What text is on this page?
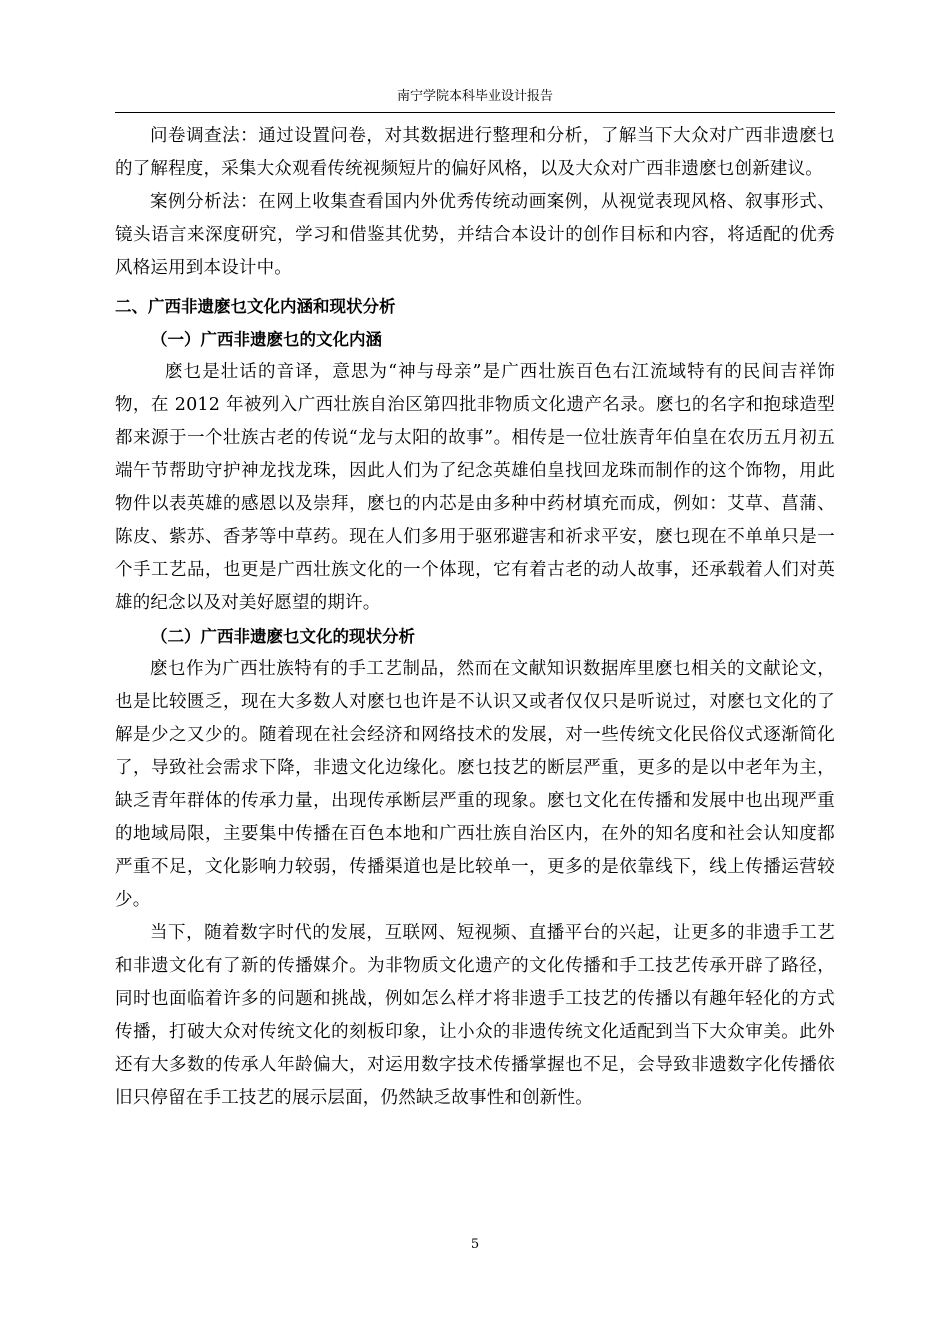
南宁学院本科毕业设计报告

问卷调查法：通过设置问卷，对其数据进行整理和分析，了解当下大众对广西非遗麽乜的了解程度，采集大众观看传统视频短片的偏好风格，以及大众对广西非遗麽乜创新建议。

案例分析法：在网上收集查看国内外优秀传统动画案例，从视觉表现风格、叙事形式、镜头语言来深度研究，学习和借鉴其优势，并结合本设计的创作目标和内容，将适配的优秀风格运用到本设计中。

二、广西非遗麽乜文化内涵和现状分析
（一）广西非遗麽乜的文化内涵

麽乜是壮话的音译，意思为“神与母亲”是广西壮族百色右江流域特有的民间吉祥饰物，在 2012 年被列入广西壮族自治区第四批非物质文化遗产名录。麽乜的名字和抱球造型都来源于一个壮族古老的传说“龙与太阳的故事”。相传是一位壮族青年伯皇在农历五月初五端午节帮助守护神龙找龙珠，因此人们为了纪念英雄伯皇找回龙珠而制作的这个饰物，用此物件以表英雄的感恩以及崇拜，麽乜的内芯是由多种中药材填充而成，例如：艾草、菖蒲、陈皮、紫苏、香茅等中草药。现在人们多用于驱邪避害和祈求平安，麽乜现在不单单只是一个手工艺品，也更是广西壮族文化的一个体现，它有着古老的动人故事，还承载着人们对英雄的纪念以及对美好愿望的期许。

（二）广西非遗麽乜文化的现状分析

麽乜作为广西壮族特有的手工艺制品，然而在文献知识数据库里麽乜相关的文献论文，也是比较匮乏，现在大多数人对麽乜也许是不认识又或者仅仅只是听说过，对麽乜文化的了解是少之又少的。随着现在社会经济和网络技术的发展，对一些传统文化民俗仪式逐渐简化了，导致社会需求下降，非遗文化边缘化。麽乜技艺的断层严重，更多的是以中老年为主，缺乏青年群体的传承力量，出现传承断层严重的现象。麽乜文化在传播和发展中也出现严重的地域局限，主要集中传播在百色本地和广西壮族自治区内，在外的知名度和社会认知度都严重不足，文化影响力较弱，传播渠道也是比较单一，更多的是依靠线下，线上传播运营较少。

当下，随着数字时代的发展，互联网、短视频、直播平台的兴起，让更多的非遗手工艺和非遗文化有了新的传播媒介。为非物质文化遗产的文化传播和手工技艺传承开辟了路径，同时也面临着许多的问题和挑战，例如怎么样才将非遗手工技艺的传播以有趣年轻化的方式传播，打破大众对传统文化的刻板印象，让小众的非遗传统文化适配到当下大众审美。此外还有大多数的传承人年龄偏大，对运用数字技术传播掌握也不足，会导致非遗数字化传播依旧只停留在手工技艺的展示层面，仍然缺乏故事性和创新性。

5
